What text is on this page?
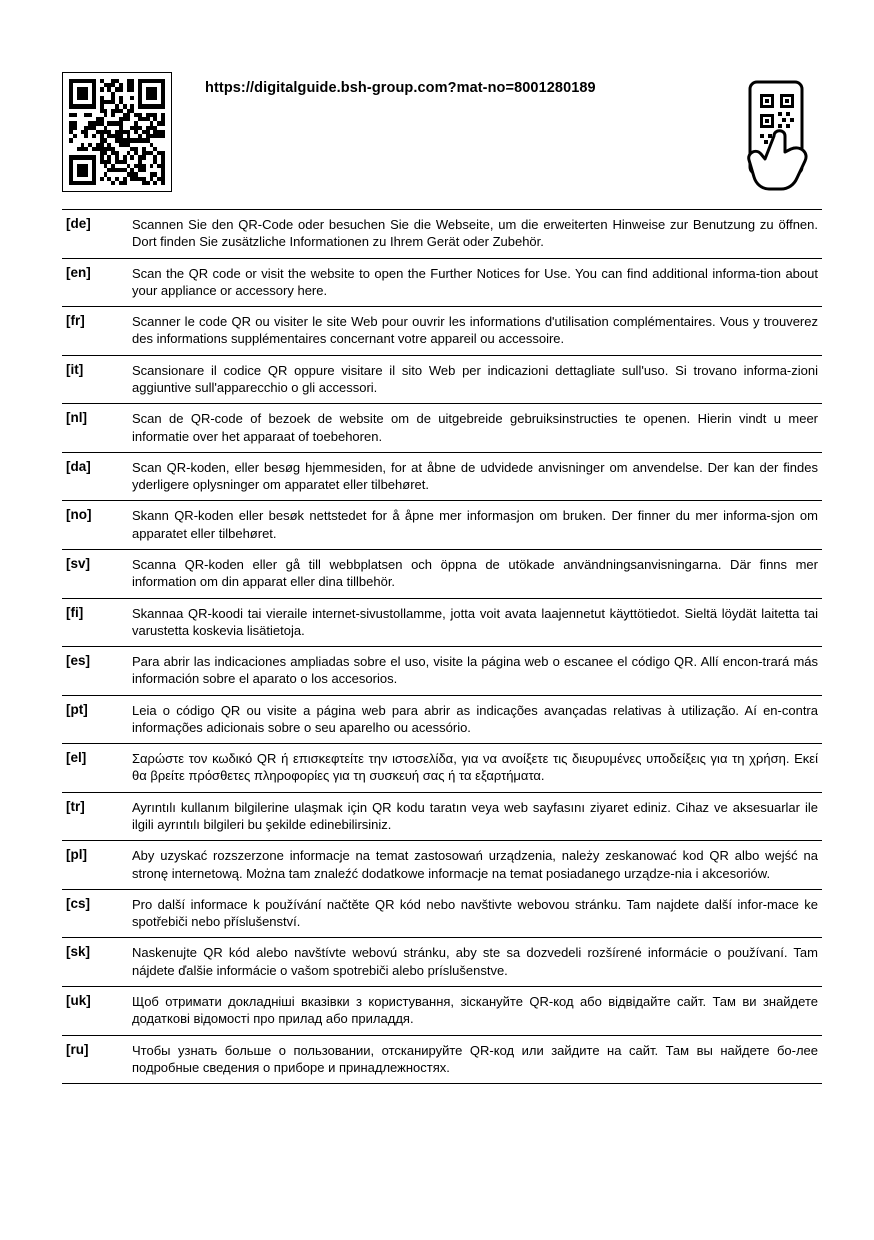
https://digitalguide.bsh-group.com?mat-no=8001280189
[de]	Scannen Sie den QR-Code oder besuchen Sie die Webseite, um die erweiterten Hinweise zur Benutzung zu öffnen. Dort finden Sie zusätzliche Informationen zu Ihrem Gerät oder Zubehör.
[en]	Scan the QR code or visit the website to open the Further Notices for Use. You can find additional informa-tion about your appliance or accessory here.
[fr]	Scanner le code QR ou visiter le site Web pour ouvrir les informations d'utilisation complémentaires. Vous y trouverez des informations supplémentaires concernant votre appareil ou accessoire.
[it]	Scansionare il codice QR oppure visitare il sito Web per indicazioni dettagliate sull'uso. Si trovano informa-zioni aggiuntive sull'apparecchio o gli accessori.
[nl]	Scan de QR-code of bezoek de website om de uitgebreide gebruiksinstructies te openen. Hierin vindt u meer informatie over het apparaat of toebehoren.
[da]	Scan QR-koden, eller besøg hjemmesiden, for at åbne de udvidede anvisninger om anvendelse. Der kan der findes yderligere oplysninger om apparatet eller tilbehøret.
[no]	Skann QR-koden eller besøk nettstedet for å åpne mer informasjon om bruken. Der finner du mer informa-sjon om apparatet eller tilbehøret.
[sv]	Scanna QR-koden eller gå till webbplatsen och öppna de utökade användningsanvisningarna. Där finns mer information om din apparat eller dina tillbehör.
[fi]	Skannaa QR-koodi tai vieraile internet-sivustollamme, jotta voit avata laajennetut käyttötiedot. Sieltä löydät laitetta tai varustetta koskevia lisätietoja.
[es]	Para abrir las indicaciones ampliadas sobre el uso, visite la página web o escanee el código QR. Allí encon-trará más información sobre el aparato o los accesorios.
[pt]	Leia o código QR ou visite a página web para abrir as indicações avançadas relativas à utilização. Aí en-contra informações adicionais sobre o seu aparelho ou acessório.
[el]	Σαρώστε τον κωδικό QR ή επισκεφτείτε την ιστοσελίδα, για να ανοίξετε τις διευρυμένες υποδείξεις για τη χρήση. Εκεί θα βρείτε πρόσθετες πληροφορίες για τη συσκευή σας ή τα εξαρτήματα.
[tr]	Ayrıntılı kullanım bilgilerine ulaşmak için QR kodu taratın veya web sayfasını ziyaret ediniz. Cihaz ve aksesuarlar ile ilgili ayrıntılı bilgileri bu şekilde edinebilirsiniz.
[pl]	Aby uzyskać rozszerzone informacje na temat zastosowań urządzenia, należy zeskanować kod QR albo wejść na stronę internetową. Można tam znaleźć dodatkowe informacje na temat posiadanego urządze-nia i akcesoriów.
[cs]	Pro další informace k používání načtěte QR kód nebo navštivte webovou stránku. Tam najdete další infor-mace ke spotřebiči nebo příslušenství.
[sk]	Naskenujte QR kód alebo navštívte webovú stránku, aby ste sa dozvedeli rozšírené informácie o používaní. Tam nájdete ďalšie informácie o vašom spotrebiči alebo príslušenstve.
[uk]	Щоб отримати докладніші вказівки з користування, зіскануйте QR-код або відвідайте сайт. Там ви знайдете додаткові відомості про прилад або приладдя.
[ru]	Чтобы узнать больше о пользовании, отсканируйте QR-код или зайдите на сайт. Там вы найдете бо-лее подробные сведения о приборе и принадлежностях.
